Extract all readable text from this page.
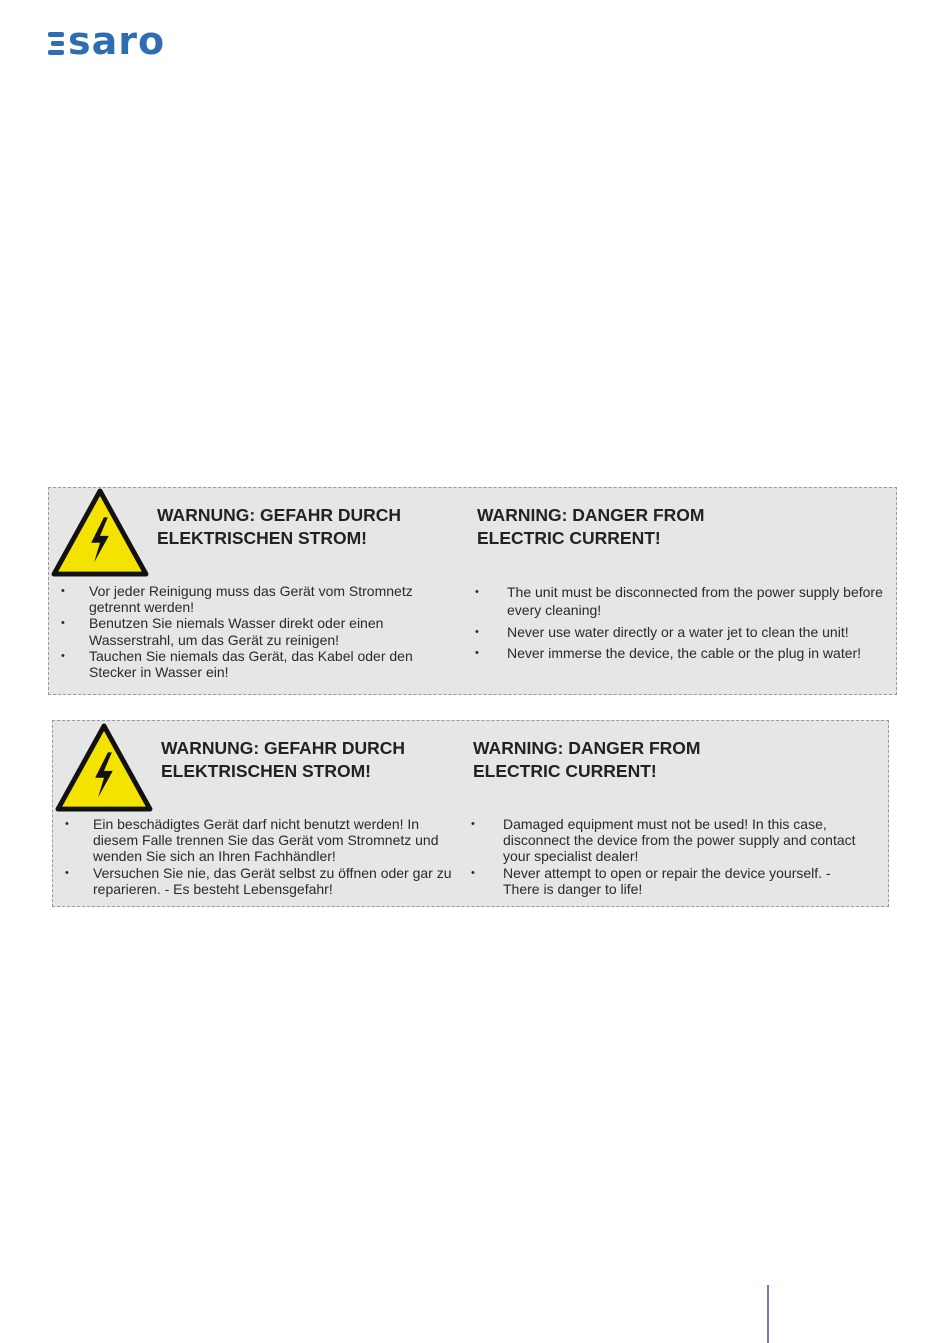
saro
WARNUNG: GEFAHR DURCH
ELEKTRISCHEN STROM!
WARNING: DANGER FROM
ELECTRIC CURRENT!
• Vor jeder Reinigung muss das Gerät vom Stromnetz getrennt werden!
• Benutzen Sie niemals Wasser direkt oder einen Wasserstrahl, um das Gerät zu reinigen!
• Tauchen Sie niemals das Gerät, das Kabel oder den Stecker in Wasser ein!
• The unit must be disconnected from the power supply before every cleaning!
• Never use water directly or a water jet to clean the unit!
• Never immerse the device, the cable or the plug in water!
WARNUNG: GEFAHR DURCH
ELEKTRISCHEN STROM!
WARNING: DANGER FROM
ELECTRIC CURRENT!
• Ein beschädigtes Gerät darf nicht benutzt werden! In diesem Falle trennen Sie das Gerät vom Stromnetz und wenden Sie sich an Ihren Fachhändler!
• Versuchen Sie nie, das Gerät selbst zu öffnen oder gar zu reparieren. - Es besteht Lebensgefahr!
• Damaged equipment must not be used! In this case, disconnect the device from the power supply and contact your specialist dealer!
• Never attempt to open or repair the device yourself. - There is danger to life!
